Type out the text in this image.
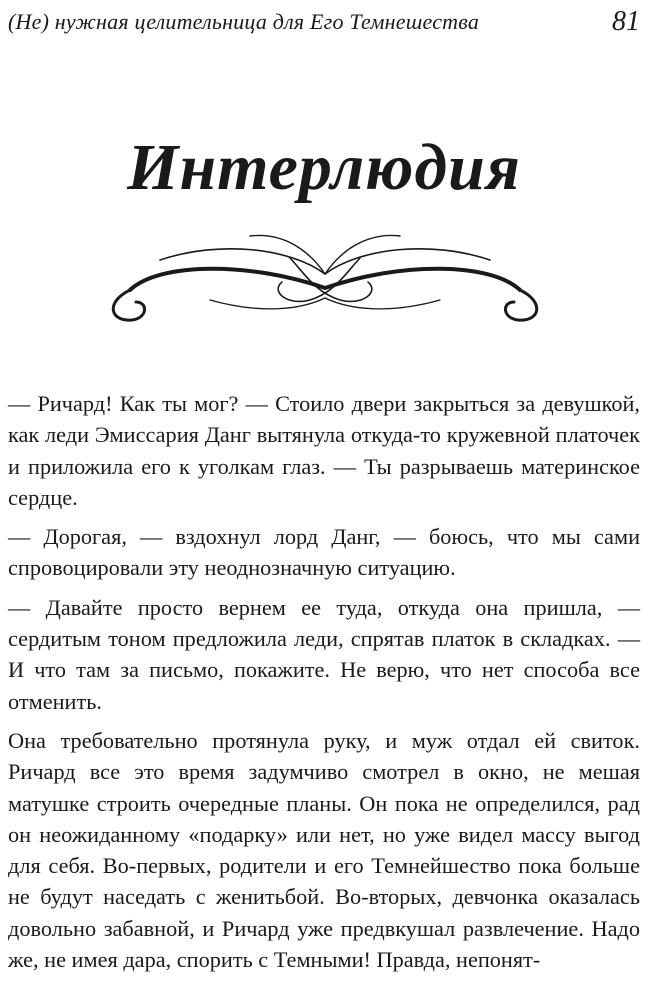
(Не) нужная целительница для Его Темнешества	81
Интерлюдия

— Ричард! Как ты мог? — Стоило двери закрыться за девушкой, как леди Эмиссария Данг вытянула откуда-то кружевной платочек и приложила его к уголкам глаз. — Ты разрываешь материнское сердце.

— Дорогая, — вздохнул лорд Данг, — боюсь, что мы сами спровоцировали эту неоднозначную ситуацию.

— Давайте просто вернем ее туда, откуда она пришла, — сердитым тоном предложила леди, спрятав платок в складках. — И что там за письмо, покажите. Не верю, что нет способа все отменить.

Она требовательно протянула руку, и муж отдал ей свиток. Ричард все это время задумчиво смотрел в окно, не мешая матушке строить очередные планы. Он пока не определился, рад он неожиданному «подарку» или нет, но уже видел массу выгод для себя. Во-первых, родители и его Темнейшество пока больше не будут наседать с женитьбой. Во-вторых, девчонка оказалась довольно забавной, и Ричард уже предвкушал развлечение. Надо же, не имея дара, спорить с Темными! Правда, непонят-
